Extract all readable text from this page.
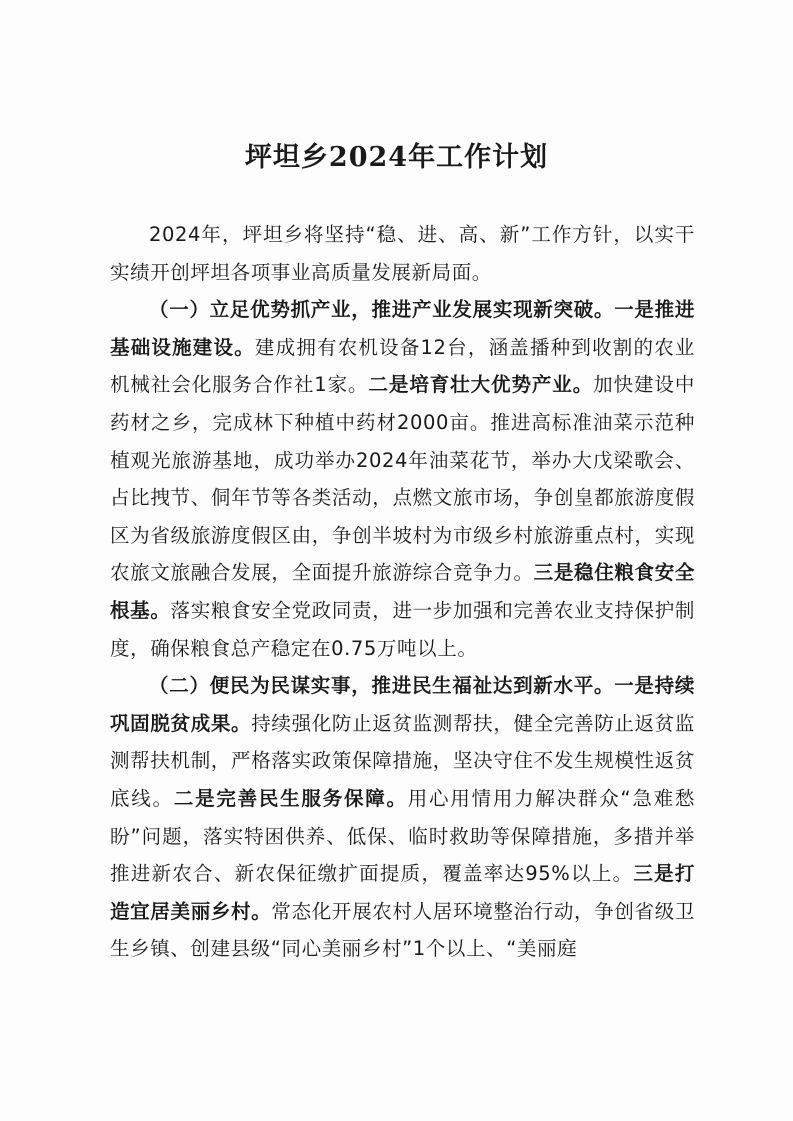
坪坦乡2024年工作计划

2024年，坪坦乡将坚持“稳、进、高、新”工作方针，以实干实绩开创坪坦各项事业高质量发展新局面。

（一）立足优势抓产业，推进产业发展实现新突破。一是推进基础设施建设。建成拥有农机设备12台，涵盖播种到收割的农业机械社会化服务合作社1家。二是培育壮大优势产业。加快建设中药材之乡，完成林下种植中药材2000亩。推进高标准油菜示范种植观光旅游基地，成功举办2024年油菜花节，举办大戊梁歌会、占比拽节、侗年节等各类活动，点燃文旅市场，争创皇都旅游度假区为省级旅游度假区由，争创半坡村为市级乡村旅游重点村，实现农旅文旅融合发展，全面提升旅游综合竞争力。三是稳住粮食安全根基。落实粮食安全党政同责，进一步加强和完善农业支持保护制度，确保粮食总产稳定在0.75万吨以上。

（二）便民为民谋实事，推进民生福祉达到新水平。一是持续巩固脱贫成果。持续强化防止返贫监测帮扶，健全完善防止返贫监测帮扶机制，严格落实政策保障措施，坚决守住不发生规模性返贫底线。二是完善民生服务保障。用心用情用力解决群众“急难愁盼”问题，落实特困供养、低保、临时救助等保障措施，多措并举推进新农合、新农保征缴扩面提质，覆盖率达95%以上。三是打造宜居美丽乡村。常态化开展农村人居环境整治行动，争创省级卫生乡镇、创建县级“同心美丽乡村”1个以上、“美丽庭
